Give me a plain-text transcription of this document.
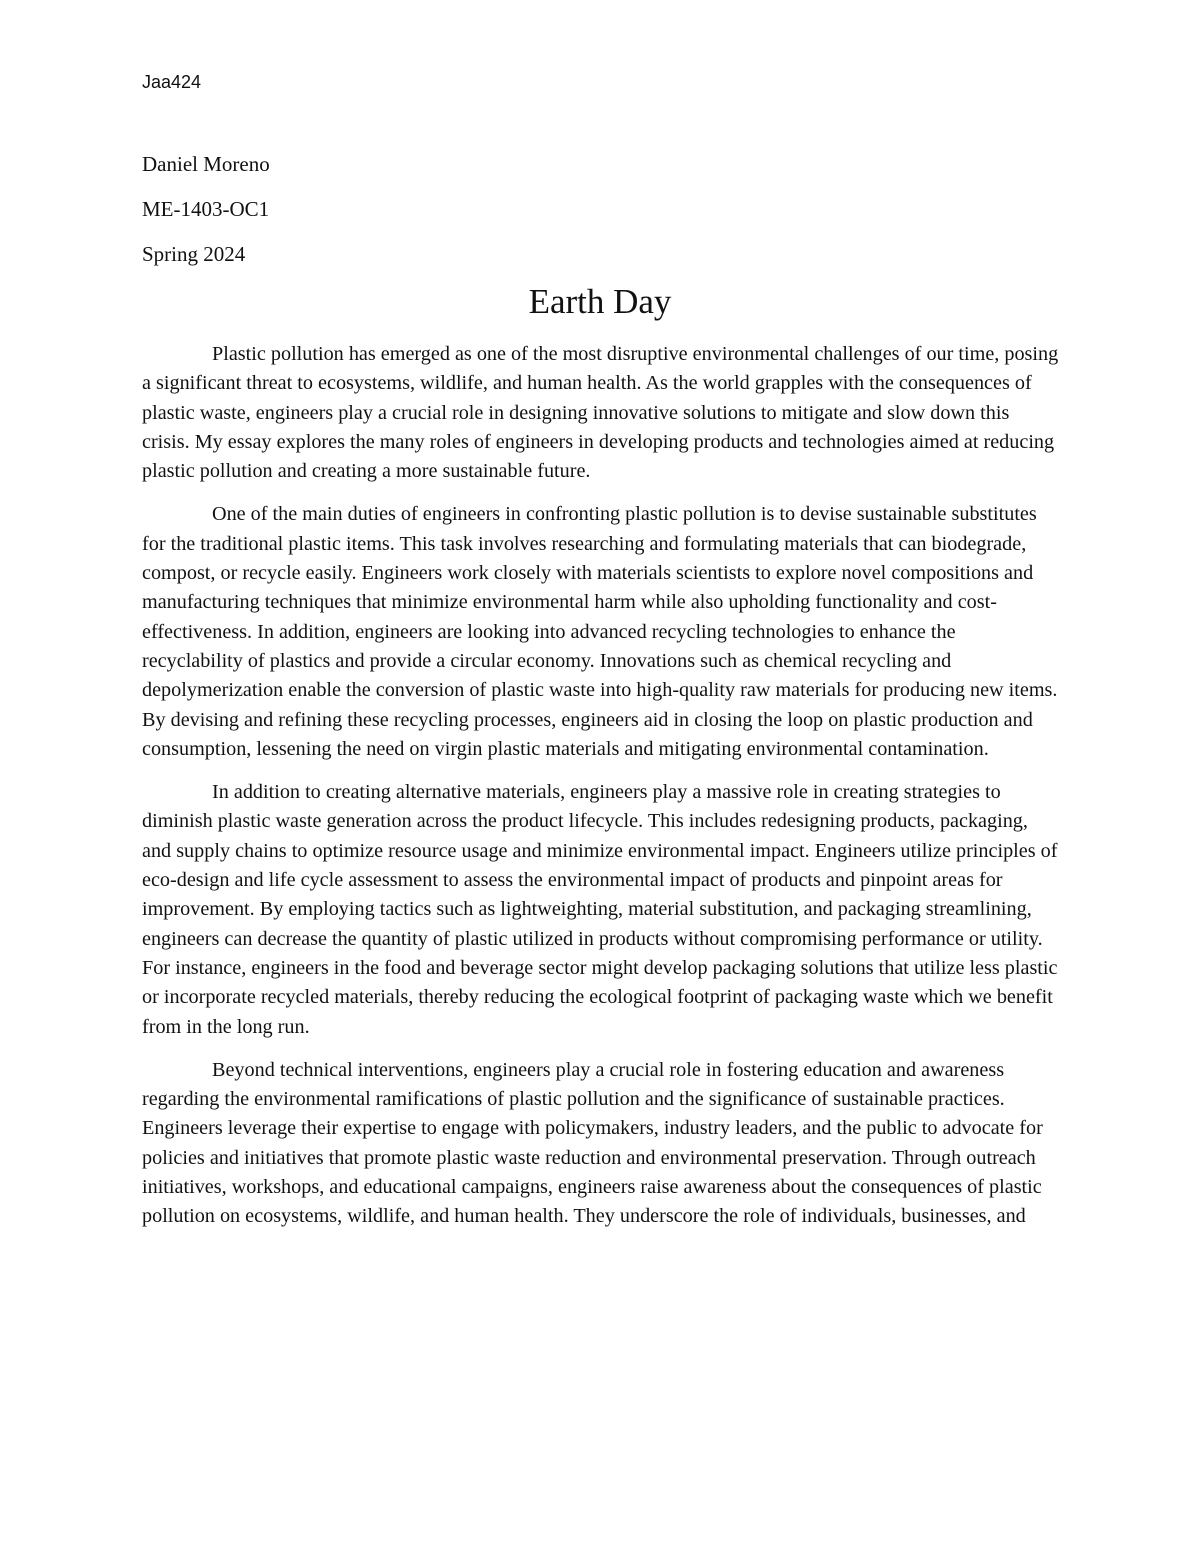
Jaa424
Daniel Moreno
ME-1403-OC1
Spring 2024
Earth Day

Plastic pollution has emerged as one of the most disruptive environmental challenges of our time, posing a significant threat to ecosystems, wildlife, and human health. As the world grapples with the consequences of plastic waste, engineers play a crucial role in designing innovative solutions to mitigate and slow down this crisis. My essay explores the many roles of engineers in developing products and technologies aimed at reducing plastic pollution and creating a more sustainable future.

One of the main duties of engineers in confronting plastic pollution is to devise sustainable substitutes for the traditional plastic items. This task involves researching and formulating materials that can biodegrade, compost, or recycle easily. Engineers work closely with materials scientists to explore novel compositions and manufacturing techniques that minimize environmental harm while also upholding functionality and cost-effectiveness. In addition, engineers are looking into advanced recycling technologies to enhance the recyclability of plastics and provide a circular economy. Innovations such as chemical recycling and depolymerization enable the conversion of plastic waste into high-quality raw materials for producing new items. By devising and refining these recycling processes, engineers aid in closing the loop on plastic production and consumption, lessening the need on virgin plastic materials and mitigating environmental contamination.

In addition to creating alternative materials, engineers play a massive role in creating strategies to diminish plastic waste generation across the product lifecycle. This includes redesigning products, packaging, and supply chains to optimize resource usage and minimize environmental impact. Engineers utilize principles of eco-design and life cycle assessment to assess the environmental impact of products and pinpoint areas for improvement. By employing tactics such as lightweighting, material substitution, and packaging streamlining, engineers can decrease the quantity of plastic utilized in products without compromising performance or utility. For instance, engineers in the food and beverage sector might develop packaging solutions that utilize less plastic or incorporate recycled materials, thereby reducing the ecological footprint of packaging waste which we benefit from in the long run.

Beyond technical interventions, engineers play a crucial role in fostering education and awareness regarding the environmental ramifications of plastic pollution and the significance of sustainable practices. Engineers leverage their expertise to engage with policymakers, industry leaders, and the public to advocate for policies and initiatives that promote plastic waste reduction and environmental preservation. Through outreach initiatives, workshops, and educational campaigns, engineers raise awareness about the consequences of plastic pollution on ecosystems, wildlife, and human health. They underscore the role of individuals, businesses, and
